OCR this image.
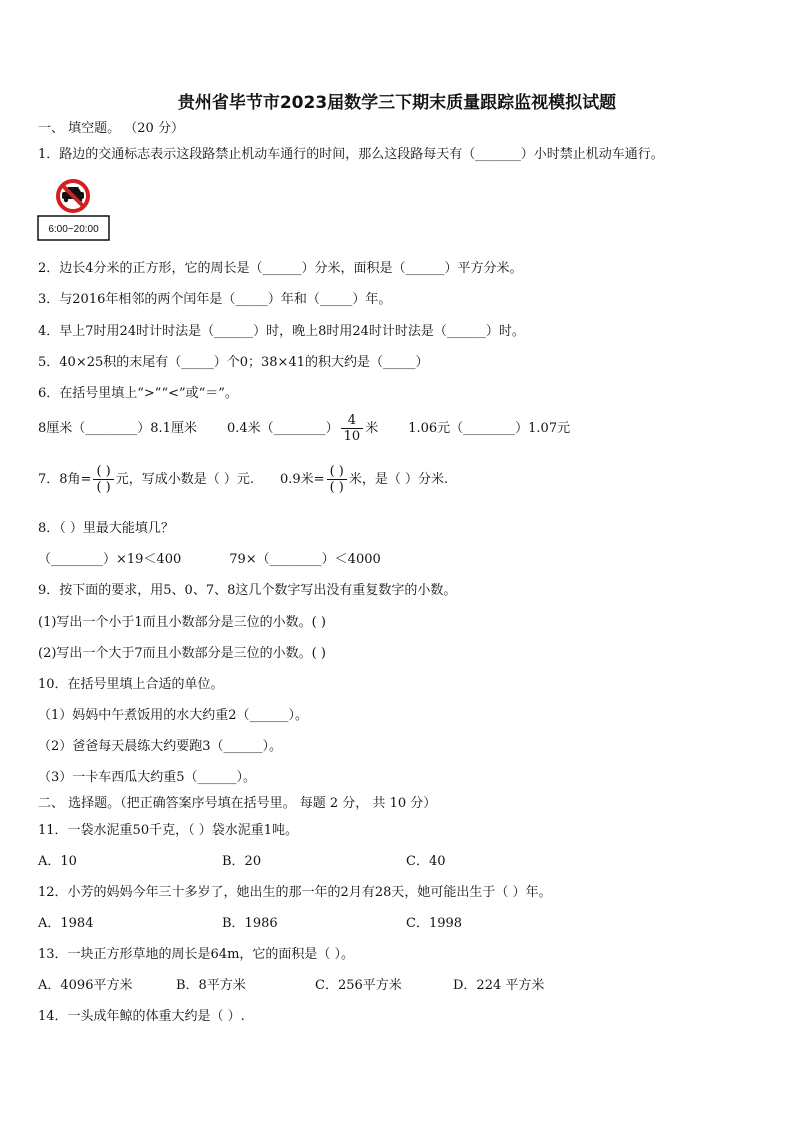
贵州省毕节市2023届数学三下期末质量跟踪监视模拟试题
一、 填空题。 （20 分）
1．路边的交通标志表示这段路禁止机动车通行的时间，那么这段路每天有（_______）小时禁止机动车通行。
6:00~20:00
2．边长4分米的正方形，它的周长是（______）分米，面积是（______）平方分米。
3．与2016年相邻的两个闰年是（_____）年和（_____）年。
4．早上7时用24时计时法是（______）时，晚上8时用24时计时法是（______）时。
5．40×25积的末尾有（_____）个0；38×41的积大约是（_____）
6．在括号里填上“>”“<”或“＝”。
8厘米（________）8.1厘米 0.4米（________） $\frac{4}{10}$ 米 1.06元（________）1.07元
7．8角= $\frac{( )}{( )}$ 元，写成小数是（ ）元. 0.9米= $\frac{( )}{( )}$ 米，是（ ）分米.
8．（ ）里最大能填几？
（________）×19＜400	79×（________）＜4000
9．按下面的要求，用5、0、7、8这几个数字写出没有重复数字的小数。
(1)写出一个小于1而且小数部分是三位的小数。( )
(2)写出一个大于7而且小数部分是三位的小数。( )
10．在括号里填上合适的单位。
（1）妈妈中午煮饭用的水大约重2（______）。
（2）爸爸每天晨练大约要跑3（______）。
（3）一卡车西瓜大约重5（______）。
二、 选择题。（把正确答案序号填在括号里。 每题 2 分， 共 10 分）
11．一袋水泥重50千克，（ ）袋水泥重1吨。
A．10	B．20	C．40
12．小芳的妈妈今年三十多岁了，她出生的那一年的2月有28天，她可能出生于（ ）年。
A．1984	B．1986	C．1998
13．一块正方形草地的周长是64m，它的面积是（ ）。
A．4096平方米	B．8平方米	C．256平方米	D．224 平方米
14．一头成年鲸的体重大约是（ ）.
